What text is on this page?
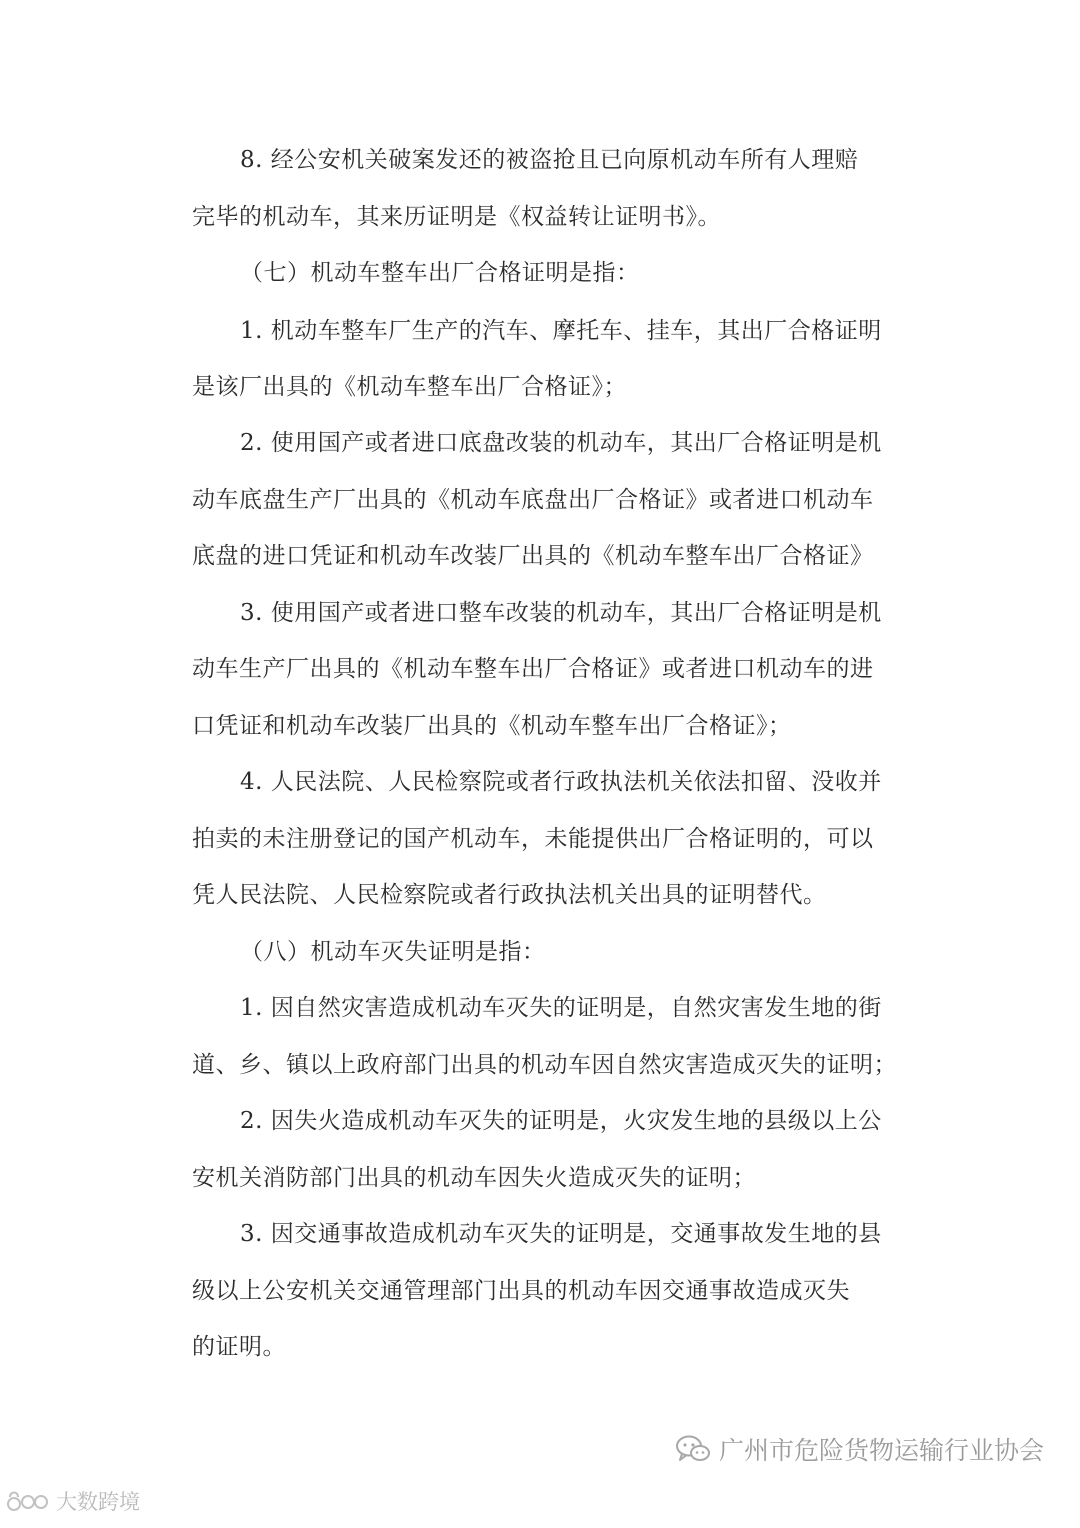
8. 经公安机关破案发还的被盗抢且已向原机动车所有人理赔
完毕的机动车，其来历证明是《权益转让证明书》。
（七）机动车整车出厂合格证明是指：
1. 机动车整车厂生产的汽车、摩托车、挂车，其出厂合格证明
是该厂出具的《机动车整车出厂合格证》；
2. 使用国产或者进口底盘改装的机动车，其出厂合格证明是机
动车底盘生产厂出具的《机动车底盘出厂合格证》或者进口机动车
底盘的进口凭证和机动车改装厂出具的《机动车整车出厂合格证》
3. 使用国产或者进口整车改装的机动车，其出厂合格证明是机
动车生产厂出具的《机动车整车出厂合格证》或者进口机动车的进
口凭证和机动车改装厂出具的《机动车整车出厂合格证》；
4. 人民法院、人民检察院或者行政执法机关依法扣留、没收并
拍卖的未注册登记的国产机动车，未能提供出厂合格证明的，可以
凭人民法院、人民检察院或者行政执法机关出具的证明替代。
（八）机动车灭失证明是指：
1. 因自然灾害造成机动车灭失的证明是，自然灾害发生地的街
道、乡、镇以上政府部门出具的机动车因自然灾害造成灭失的证明；
2. 因失火造成机动车灭失的证明是，火灾发生地的县级以上公
安机关消防部门出具的机动车因失火造成灭失的证明；
3. 因交通事故造成机动车灭失的证明是，交通事故发生地的县
级以上公安机关交通管理部门出具的机动车因交通事故造成灭失
的证明。
广州市危险货物运输行业协会
大数跨境
